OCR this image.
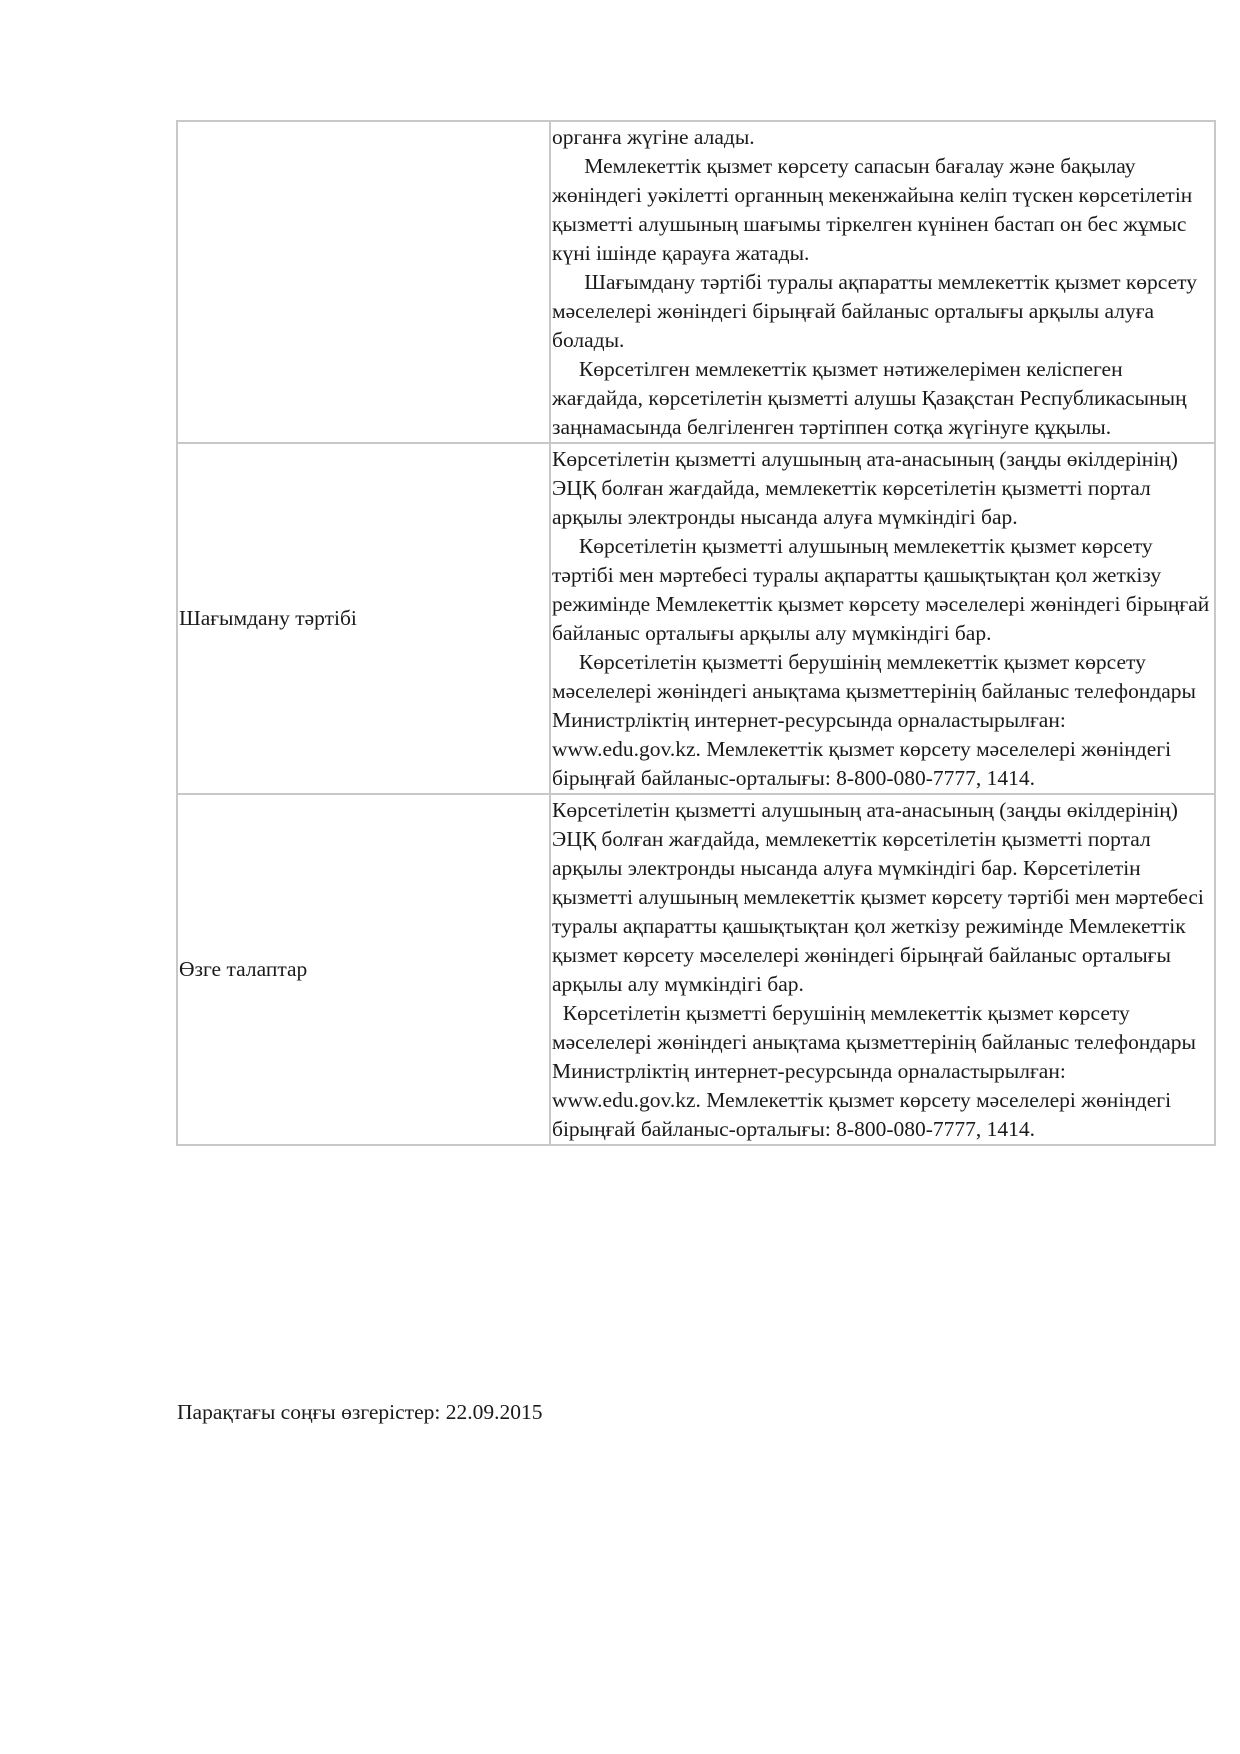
	органға жүгіне алады.

Мемлекеттік қызмет көрсету сапасын бағалау және бақылау жөніндегі уәкілетті органның мекенжайына келіп түскен көрсетілетін қызметті алушының шағымы тіркелген күнінен бастап он бес жұмыс күні ішінде қарауға жатады.

Шағымдану тәртібі туралы ақпаратты мемлекеттік қызмет көрсету мәселелері жөніндегі бірыңғай байланыс орталығы арқылы алуға болады.

Көрсетілген мемлекеттік қызмет нәтижелерімен келіспеген жағдайда, көрсетілетін қызметті алушы Қазақстан Республикасының заңнамасында белгіленген тәртіппен сотқа жүгінуге құқылы.

Шағымдану тәртібі	Көрсетілетін қызметті алушының ата-анасының (заңды өкілдерінің) ЭЦҚ болған жағдайда, мемлекеттік көрсетілетін қызметті портал арқылы электронды нысанда алуға мүмкіндігі бар.

Көрсетілетін қызметті алушының мемлекеттік қызмет көрсету тәртібі мен мәртебесі туралы ақпаратты қашықтықтан қол жеткізу режимінде Мемлекеттік қызмет көрсету мәселелері жөніндегі бірыңғай байланыс орталығы арқылы алу мүмкіндігі бар.

Көрсетілетін қызметті берушінің мемлекеттік қызмет көрсету мәселелері жөніндегі анықтама қызметтерінің байланыс телефондары Министрліктің интернет-ресурсында орналастырылған: www.edu.gov.kz. Мемлекеттік қызмет көрсету мәселелері жөніндегі бірыңғай байланыс-орталығы: 8-800-080-7777, 1414.

Өзге талаптар	Көрсетілетін қызметті алушының ата-анасының (заңды өкілдерінің) ЭЦҚ болған жағдайда, мемлекеттік көрсетілетін қызметті портал арқылы электронды нысанда алуға мүмкіндігі бар. Көрсетілетін қызметті алушының мемлекеттік қызмет көрсету тәртібі мен мәртебесі туралы ақпаратты қашықтықтан қол жеткізу режимінде Мемлекеттік қызмет көрсету мәселелері жөніндегі бірыңғай байланыс орталығы арқылы алу мүмкіндігі бар.

Көрсетілетін қызметті берушінің мемлекеттік қызмет көрсету мәселелері жөніндегі анықтама қызметтерінің байланыс телефондары Министрліктің интернет-ресурсында орналастырылған: www.edu.gov.kz. Мемлекеттік қызмет көрсету мәселелері жөніндегі бірыңғай байланыс-орталығы: 8-800-080-7777, 1414.

Парақтағы соңғы өзгерістер: 22.09.2015
